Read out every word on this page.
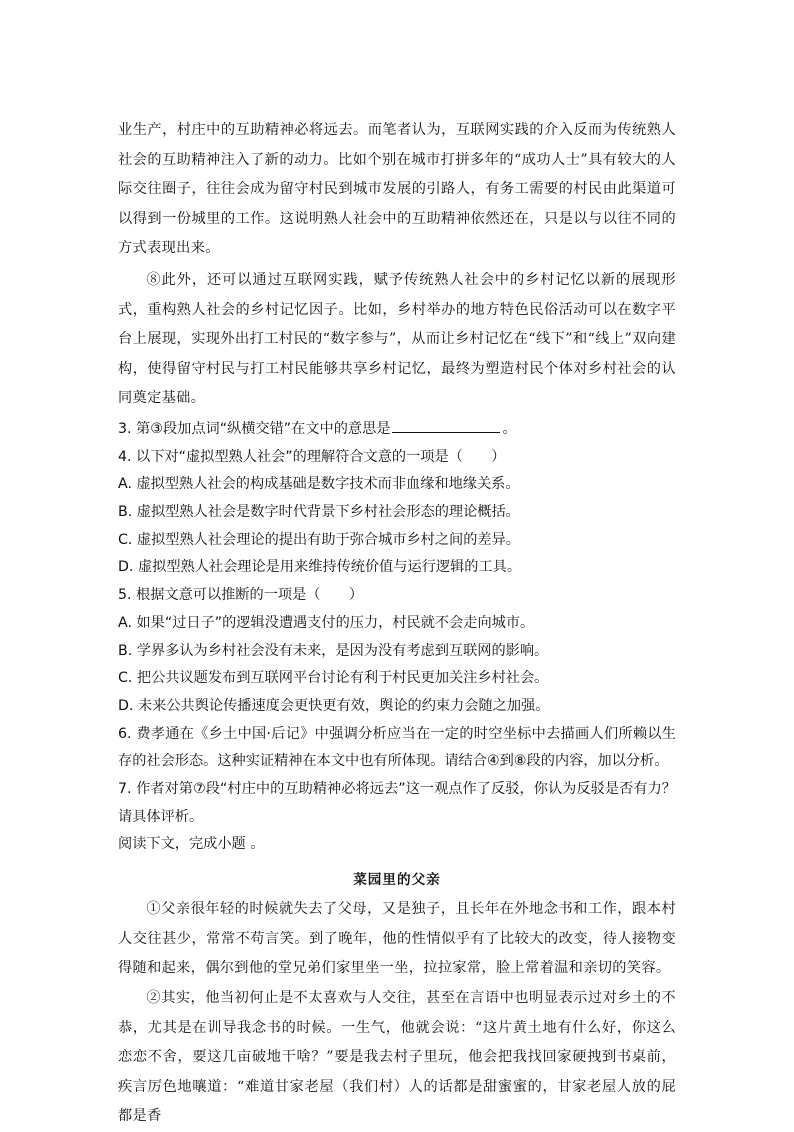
业生产，村庄中的互助精神必将远去。而笔者认为，互联网实践的介入反而为传统熟人社会的互助精神注入了新的动力。比如个别在城市打拼多年的“成功人士”具有较大的人际交往圈子，往往会成为留守村民到城市发展的引路人，有务工需要的村民由此渠道可以得到一份城里的工作。这说明熟人社会中的互助精神依然还在，只是以与以往不同的方式表现出来。

⑧此外，还可以通过互联网实践，赋予传统熟人社会中的乡村记忆以新的展现形式，重构熟人社会的乡村记忆因子。比如，乡村举办的地方特色民俗活动可以在数字平台上展现，实现外出打工村民的“数字参与”，从而让乡村记忆在“线下”和“线上”双向建构，使得留守村民与打工村民能够共享乡村记忆，最终为塑造村民个体对乡村社会的认同奠定基础。

3. 第③段加点词“纵横交错”在文中的意思是	。

4. 以下对“虚拟型熟人社会”的理解符合文意的一项是（　　）

A. 虚拟型熟人社会的构成基础是数字技术而非血缘和地缘关系。

B. 虚拟型熟人社会是数字时代背景下乡村社会形态的理论概括。

C. 虚拟型熟人社会理论的提出有助于弥合城市乡村之间的差异。

D. 虚拟型熟人社会理论是用来维持传统价值与运行逻辑的工具。

5. 根据文意可以推断的一项是（　　）

A. 如果“过日子”的逻辑没遭遇支付的压力，村民就不会走向城市。

B. 学界多认为乡村社会没有未来，是因为没有考虑到互联网的影响。

C. 把公共议题发布到互联网平台讨论有利于村民更加关注乡村社会。

D. 未来公共舆论传播速度会更快更有效，舆论的约束力会随之加强。

6. 费孝通在《乡土中国·后记》中强调分析应当在一定的时空坐标中去描画人们所赖以生存的社会形态。这种实证精神在本文中也有所体现。请结合④到⑧段的内容，加以分析。

7. 作者对第⑦段“村庄中的互助精神必将远去”这一观点作了反驳，你认为反驳是否有力？请具体评析。

阅读下文，完成小题 。

菜园里的父亲

①父亲很年轻的时候就失去了父母，又是独子，且长年在外地念书和工作，跟本村人交往甚少，常常不苟言笑。到了晚年，他的性情似乎有了比较大的改变，待人接物变得随和起来，偶尔到他的堂兄弟们家里坐一坐，拉拉家常，脸上常着温和亲切的笑容。

②其实，他当初何止是不太喜欢与人交往，甚至在言语中也明显表示过对乡土的不恭，尤其是在训导我念书的时候。一生气，他就会说：“这片黄土地有什么好，你这么恋恋不舍，要这几亩破地干啥？”要是我去村子里玩，他会把我找回家硬拽到书桌前，疾言厉色地嚷道：“难道甘家老屋（我们村）人的话都是甜蜜蜜的，甘家老屋人放的屁都是香
